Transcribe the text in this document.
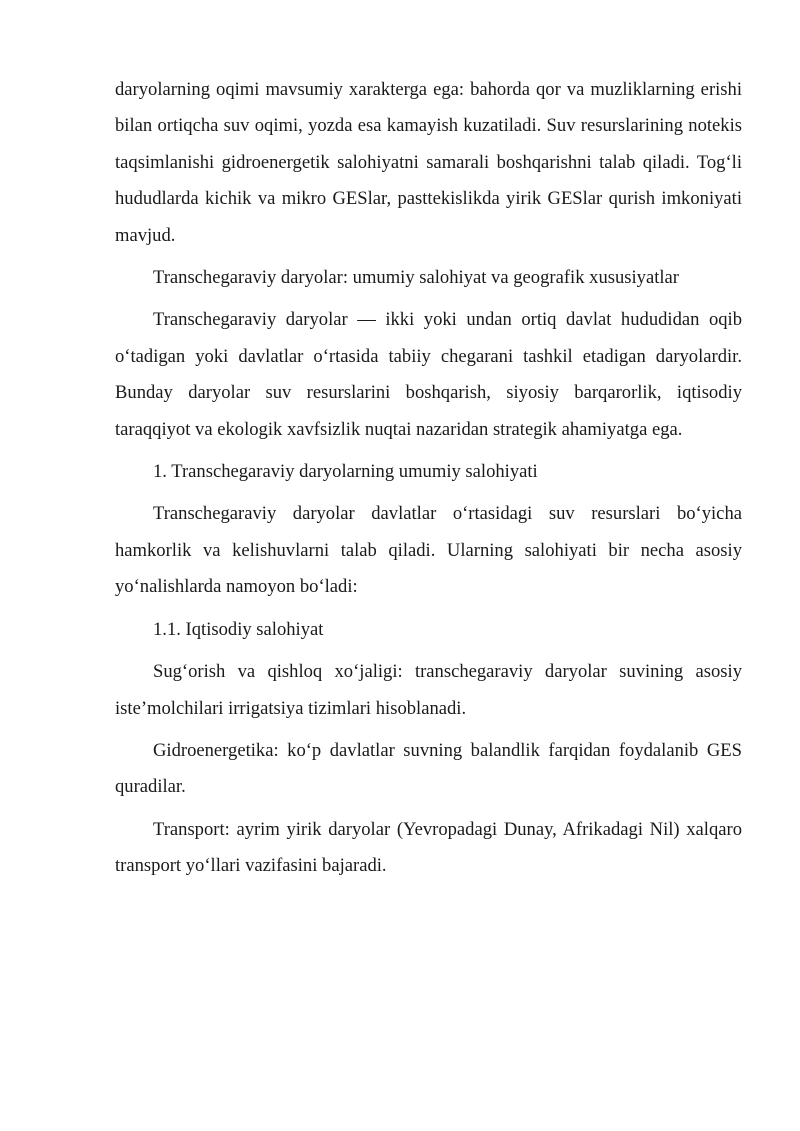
daryolarning oqimi mavsumiy xarakterga ega: bahorda qor va muzliklarning erishi bilan ortiqcha suv oqimi, yozda esa kamayish kuzatiladi. Suv resurslarining notekis taqsimlanishi gidroenergetik salohiyatni samarali boshqarishni talab qiladi. Tog‘li hududlarda kichik va mikro GESlar, pasttekislikda yirik GESlar qurish imkoniyati mavjud.

Transchegaraviy daryolar: umumiy salohiyat va geografik xususiyatlar

Transchegaraviy daryolar — ikki yoki undan ortiq davlat hududidan oqib o‘tadigan yoki davlatlar o‘rtasida tabiiy chegarani tashkil etadigan daryolardir. Bunday daryolar suv resurslarini boshqarish, siyosiy barqarorlik, iqtisodiy taraqqiyot va ekologik xavfsizlik nuqtai nazaridan strategik ahamiyatga ega.

1. Transchegaraviy daryolarning umumiy salohiyati

Transchegaraviy daryolar davlatlar o‘rtasidagi suv resurslari bo‘yicha hamkorlik va kelishuvlarni talab qiladi. Ularning salohiyati bir necha asosiy yo‘nalishlarda namoyon bo‘ladi:

1.1. Iqtisodiy salohiyat

Sug‘orish va qishloq xo‘jaligi: transchegaraviy daryolar suvining asosiy iste’molchilari irrigatsiya tizimlari hisoblanadi.

Gidroenergetika: ko‘p davlatlar suvning balandlik farqidan foydalanib GES quradilar.

Transport: ayrim yirik daryolar (Yevropadagi Dunay, Afrikadagi Nil) xalqaro transport yo‘llari vazifasini bajaradi.
